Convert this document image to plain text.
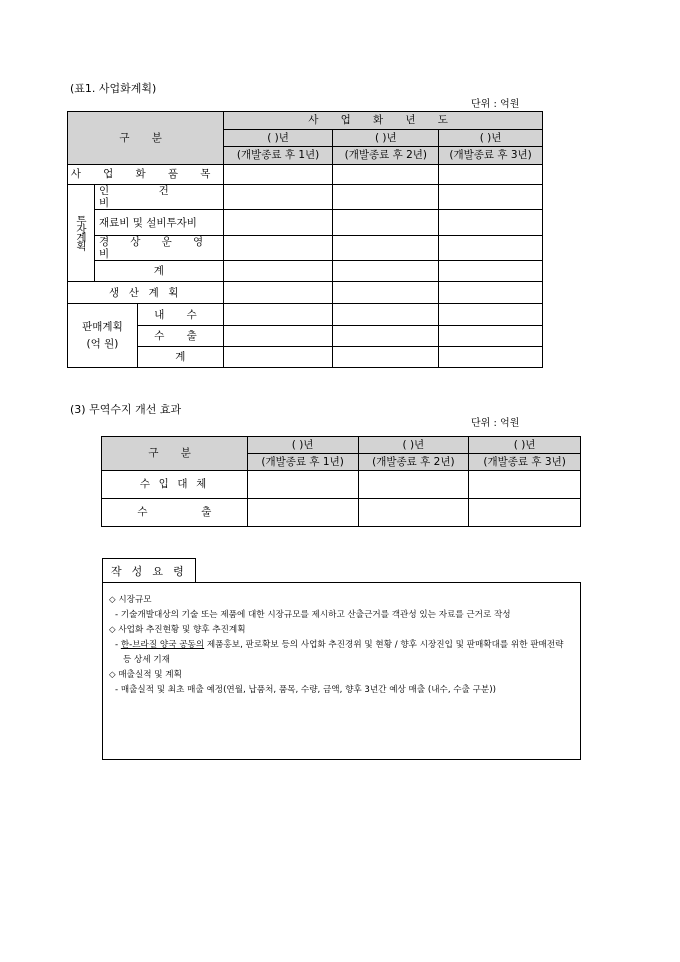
(표1. 사업화계획)
단위 : 억원
구 분			사 업 화 년 도		
			( )년	( )년	( )년
			(개발종료 후 1년)	(개발종료 후 2년)	(개발종료 후 3년)
사 업 화 품 목					
투자계획	인 건 비				
	재료비 및 설비투자비				
	경 상 운 영 비				
	계				
생 산 계 획					
판매계획
(억 원)		내 수			
		수 출			
		계			
(3) 무역수지 개선 효과
단위 : 억원
구 분	( )년	( )년	( )년
	(개발종료 후 1년)	(개발종료 후 2년)	(개발종료 후 3년)
수 입 대 체			
수 출			
작 성 요 령
◇ 시장규모
- 기술개발대상의 기술 또는 제품에 대한 시장규모를 제시하고 산출근거를 객관성 있는 자료를 근거로 작성
◇ 사업화 추진현황 및 향후 추진계획
- 한-브라질 양국 공동의 제품홍보, 판로확보 등의 사업화 추진경위 및 현황 / 향후 시장진입 및 판매확대를 위한 판매전략 등 상세 기재
◇ 매출실적 및 계획
- 매출실적 및 최초 매출 예정(연월, 납품처, 품목, 수량, 금액, 향후 3년간 예상 매출 (내수, 수출 구분))
